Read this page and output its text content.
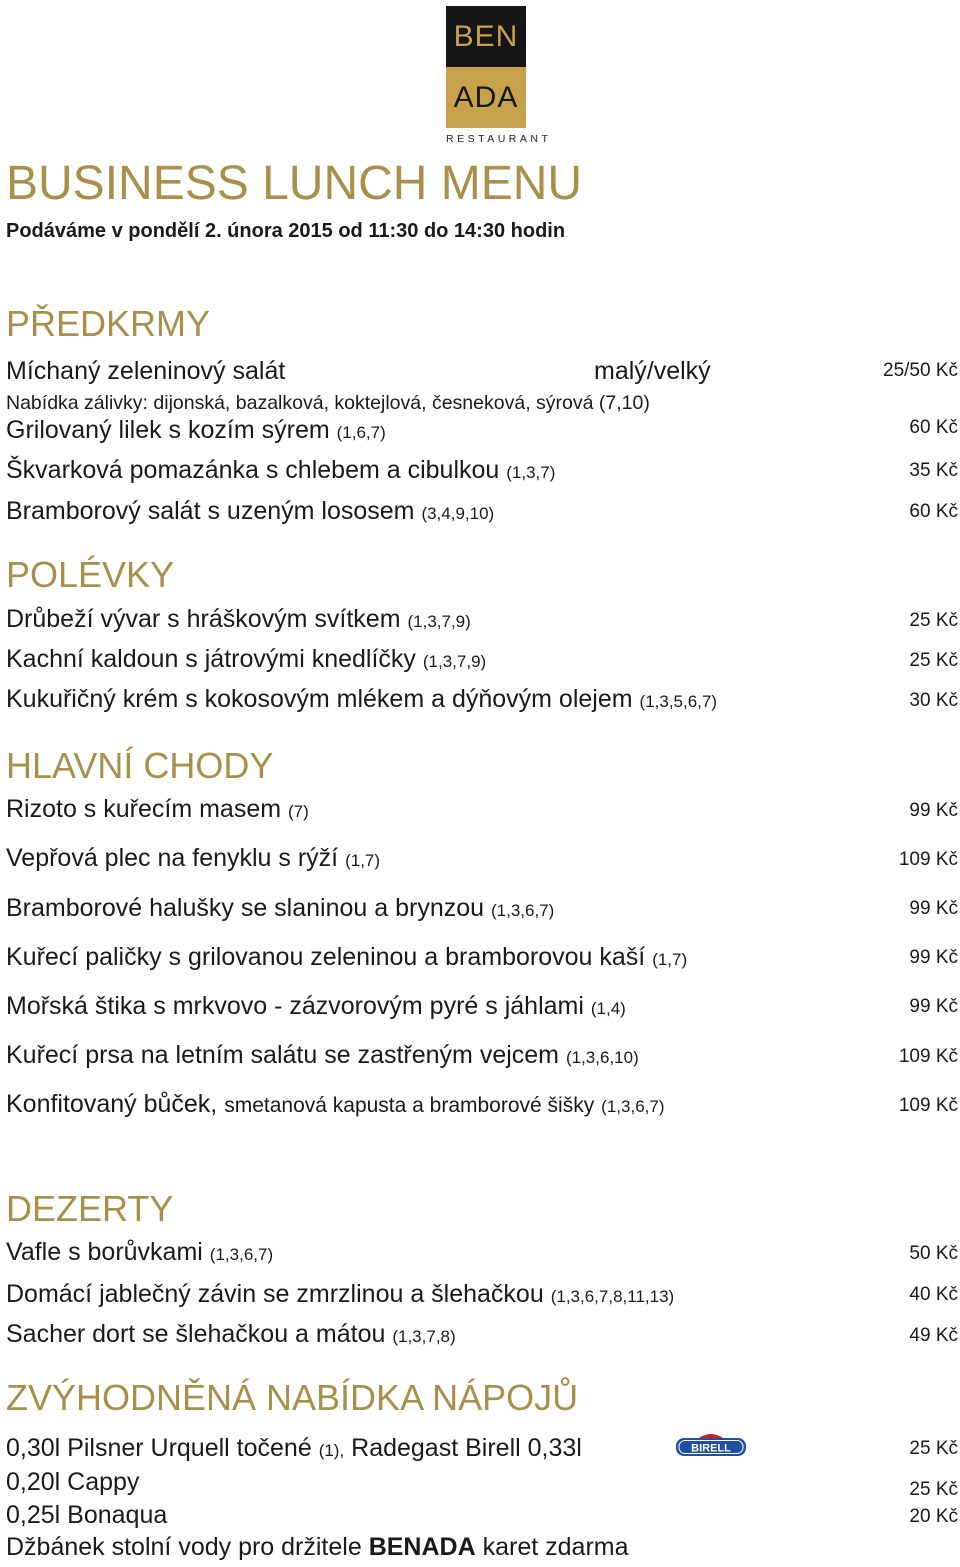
BEN
ADA
RESTAURANT
BUSINESS LUNCH MENU
Podáváme v pondělí 2. února 2015 od 11:30 do 14:30 hodin
PŘEDKRMY
Míchaný zeleninový salát	malý/velký	25/50 Kč
Nabídka zálivky: dijonská, bazalková, koktejlová, česneková, sýrová (7,10)
Grilovaný lilek s kozím sýrem (1,6,7)	60 Kč
Škvarková pomazánka s chlebem a cibulkou (1,3,7)	35 Kč
Bramborový salát s uzeným lososem (3,4,9,10)	60 Kč
POLÉVKY
Drůbeží vývar s hráškovým svítkem (1,3,7,9)	25 Kč
Kachní kaldoun s játrovými knedlíčky (1,3,7,9)	25 Kč
Kukuřičný krém s kokosovým mlékem a dýňovým olejem (1,3,5,6,7)	30 Kč
HLAVNÍ CHODY
Rizoto s kuřecím masem (7)	99 Kč
Vepřová plec na fenyklu s rýží (1,7)	109 Kč
Bramborové halušky se slaninou a brynzou (1,3,6,7)	99 Kč
Kuřecí paličky s grilovanou zeleninou a bramborovou kaší (1,7)	99 Kč
Mořská štika s mrkvovo - zázvorovým pyré s jáhlami (1,4)	99 Kč
Kuřecí prsa na letním salátu se zastřeným vejcem (1,3,6,10)	109 Kč
Konfitovaný bůček, smetanová kapusta a bramborové šišky (1,3,6,7)	109 Kč
DEZERTY
Vafle s borůvkami (1,3,6,7)	50 Kč
Domácí jablečný závin se zmrzlinou a šlehačkou (1,3,6,7,8,11,13)	40 Kč
Sacher dort se šlehačkou a mátou (1,3,7,8)	49 Kč
ZVÝHODNĚNÁ NABÍDKA NÁPOJŮ
0,30l Pilsner Urquell točené (1), Radegast Birell 0,33l	BIRELL	25 Kč
0,20l Cappy	25 Kč
0,25l Bonaqua	20 Kč
Džbánek stolní vody pro držitele BENADA karet zdarma
